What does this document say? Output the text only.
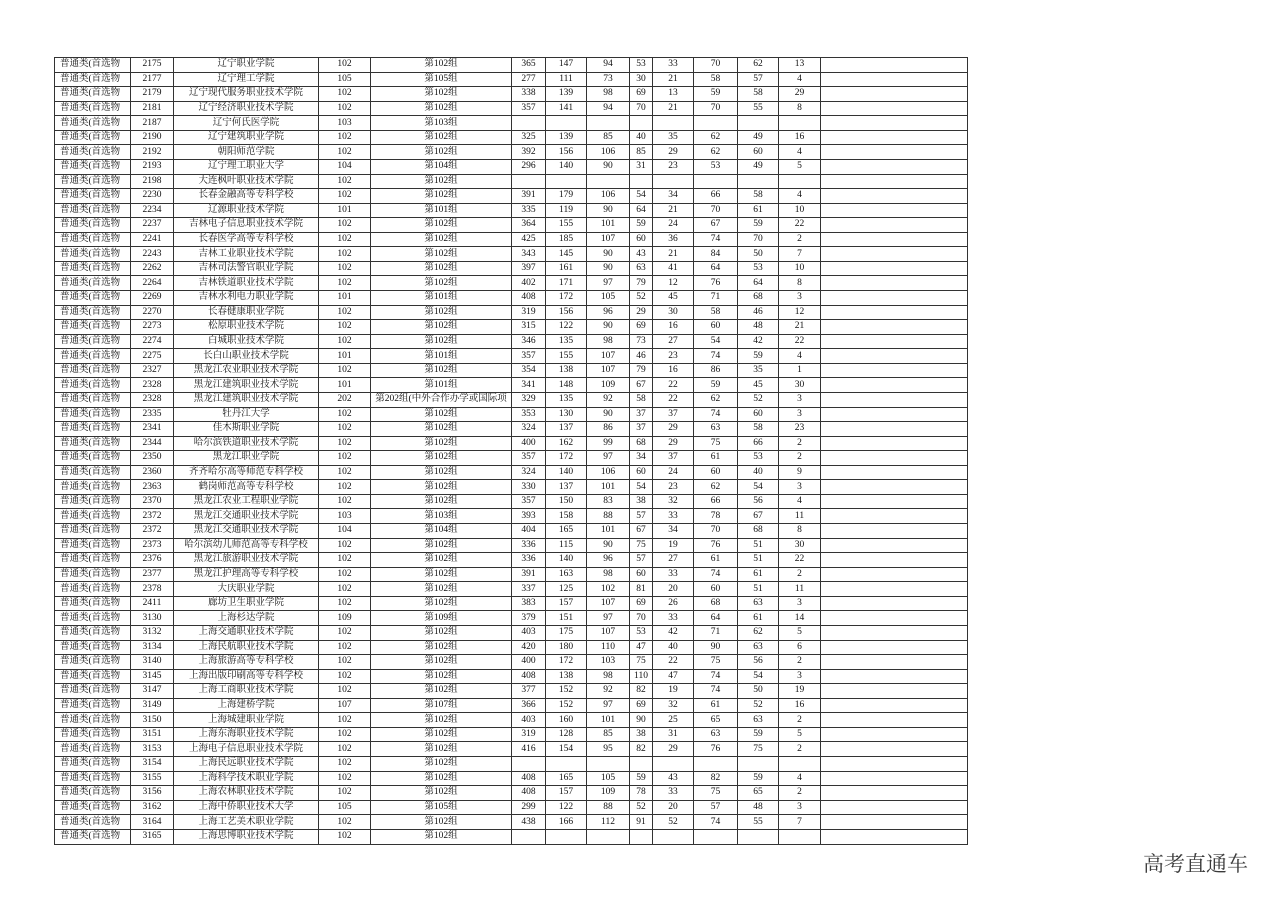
普通类(首选物	2175	辽宁职业学院	102	第102组	365	147	94	53	33	70	62	13	
普通类(首选物	2177	辽宁理工学院	105	第105组	277	111	73	30	21	58	57	4	
普通类(首选物	2179	辽宁现代服务职业技术学院	102	第102组	338	139	98	69	13	59	58	29	
普通类(首选物	2181	辽宁经济职业技术学院	102	第102组	357	141	94	70	21	70	55	8	
普通类(首选物	2187	辽宁何氏医学院	103	第103组									
普通类(首选物	2190	辽宁建筑职业学院	102	第102组	325	139	85	40	35	62	49	16	
普通类(首选物	2192	朝阳师范学院	102	第102组	392	156	106	85	29	62	60	4	
普通类(首选物	2193	辽宁理工职业大学	104	第104组	296	140	90	31	23	53	49	5	
普通类(首选物	2198	大连枫叶职业技术学院	102	第102组									
普通类(首选物	2230	长春金融高等专科学校	102	第102组	391	179	106	54	34	66	58	4	
普通类(首选物	2234	辽源职业技术学院	101	第101组	335	119	90	64	21	70	61	10	
普通类(首选物	2237	吉林电子信息职业技术学院	102	第102组	364	155	101	59	24	67	59	22	
普通类(首选物	2241	长春医学高等专科学校	102	第102组	425	185	107	60	36	74	70	2	
普通类(首选物	2243	吉林工业职业技术学院	102	第102组	343	145	90	43	21	84	50	7	
普通类(首选物	2262	吉林司法警官职业学院	102	第102组	397	161	90	63	41	64	53	10	
普通类(首选物	2264	吉林铁道职业技术学院	102	第102组	402	171	97	79	12	76	64	8	
普通类(首选物	2269	吉林水利电力职业学院	101	第101组	408	172	105	52	45	71	68	3	
普通类(首选物	2270	长春健康职业学院	102	第102组	319	156	96	29	30	58	46	12	
普通类(首选物	2273	松原职业技术学院	102	第102组	315	122	90	69	16	60	48	21	
普通类(首选物	2274	白城职业技术学院	102	第102组	346	135	98	73	27	54	42	22	
普通类(首选物	2275	长白山职业技术学院	101	第101组	357	155	107	46	23	74	59	4	
普通类(首选物	2327	黑龙江农业职业技术学院	102	第102组	354	138	107	79	16	86	35	1	
普通类(首选物	2328	黑龙江建筑职业技术学院	101	第101组	341	148	109	67	22	59	45	30	
普通类(首选物	2328	黑龙江建筑职业技术学院	202	第202组(中外合作办学或国际项	329	135	92	58	22	62	52	3	
普通类(首选物	2335	牡丹江大学	102	第102组	353	130	90	37	37	74	60	3	
普通类(首选物	2341	佳木斯职业学院	102	第102组	324	137	86	37	29	63	58	23	
普通类(首选物	2344	哈尔滨铁道职业技术学院	102	第102组	400	162	99	68	29	75	66	2	
普通类(首选物	2350	黑龙江职业学院	102	第102组	357	172	97	34	37	61	53	2	
普通类(首选物	2360	齐齐哈尔高等师范专科学校	102	第102组	324	140	106	60	24	60	40	9	
普通类(首选物	2363	鹤岗师范高等专科学校	102	第102组	330	137	101	54	23	62	54	3	
普通类(首选物	2370	黑龙江农业工程职业学院	102	第102组	357	150	83	38	32	66	56	4	
普通类(首选物	2372	黑龙江交通职业技术学院	103	第103组	393	158	88	57	33	78	67	11	
普通类(首选物	2372	黑龙江交通职业技术学院	104	第104组	404	165	101	67	34	70	68	8	
普通类(首选物	2373	哈尔滨幼儿师范高等专科学校	102	第102组	336	115	90	75	19	76	51	30	
普通类(首选物	2376	黑龙江旅游职业技术学院	102	第102组	336	140	96	57	27	61	51	22	
普通类(首选物	2377	黑龙江护理高等专科学校	102	第102组	391	163	98	60	33	74	61	2	
普通类(首选物	2378	大庆职业学院	102	第102组	337	125	102	81	20	60	51	11	
普通类(首选物	2411	廊坊卫生职业学院	102	第102组	383	157	107	69	26	68	63	3	
普通类(首选物	3130	上海杉达学院	109	第109组	379	151	97	70	33	64	61	14	
普通类(首选物	3132	上海交通职业技术学院	102	第102组	403	175	107	53	42	71	62	5	
普通类(首选物	3134	上海民航职业技术学院	102	第102组	420	180	110	47	40	90	63	6	
普通类(首选物	3140	上海旅游高等专科学校	102	第102组	400	172	103	75	22	75	56	2	
普通类(首选物	3145	上海出版印刷高等专科学校	102	第102组	408	138	98	110	47	74	54	3	
普通类(首选物	3147	上海工商职业技术学院	102	第102组	377	152	92	82	19	74	50	19	
普通类(首选物	3149	上海建桥学院	107	第107组	366	152	97	69	32	61	52	16	
普通类(首选物	3150	上海城建职业学院	102	第102组	403	160	101	90	25	65	63	2	
普通类(首选物	3151	上海东海职业技术学院	102	第102组	319	128	85	38	31	63	59	5	
普通类(首选物	3153	上海电子信息职业技术学院	102	第102组	416	154	95	82	29	76	75	2	
普通类(首选物	3154	上海民远职业技术学院	102	第102组									
普通类(首选物	3155	上海科学技术职业学院	102	第102组	408	165	105	59	43	82	59	4	
普通类(首选物	3156	上海农林职业技术学院	102	第102组	408	157	109	78	33	75	65	2	
普通类(首选物	3162	上海中侨职业技术大学	105	第105组	299	122	88	52	20	57	48	3	
普通类(首选物	3164	上海工艺美术职业学院	102	第102组	438	166	112	91	52	74	55	7	
普通类(首选物	3165	上海思博职业技术学院	102	第102组									
高考直通车
